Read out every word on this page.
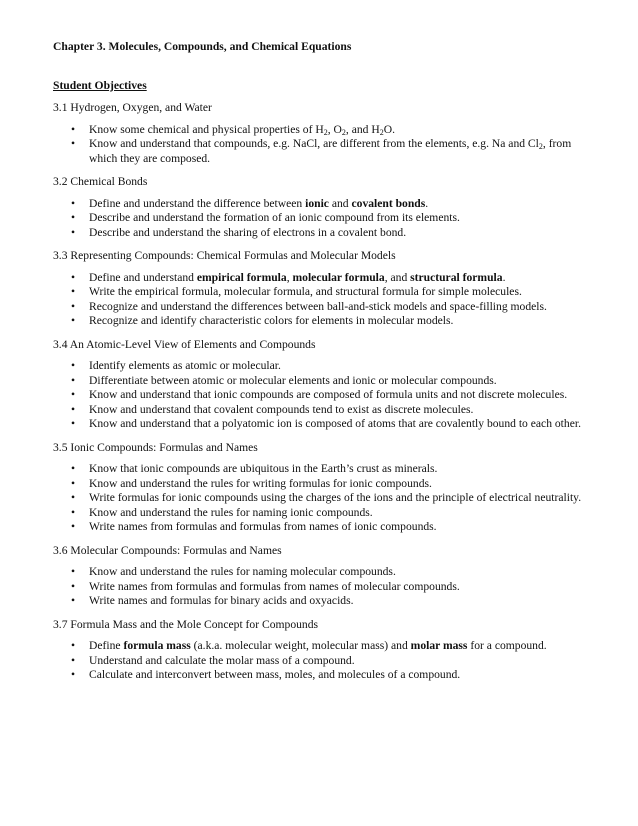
Chapter 3. Molecules, Compounds, and Chemical Equations
Student Objectives
3.1 Hydrogen, Oxygen, and Water
• Know some chemical and physical properties of $H_2$, $O_2$, and $H_2O$.
• Know and understand that compounds, e.g. NaCl, are different from the elements, e.g. Na and $Cl_2$, from which they are composed.
3.2 Chemical Bonds
• Define and understand the difference between ionic and covalent bonds.
• Describe and understand the formation of an ionic compound from its elements.
• Describe and understand the sharing of electrons in a covalent bond.
3.3 Representing Compounds: Chemical Formulas and Molecular Models
• Define and understand empirical formula, molecular formula, and structural formula.
• Write the empirical formula, molecular formula, and structural formula for simple molecules.
• Recognize and understand the differences between ball-and-stick models and space-filling models.
• Recognize and identify characteristic colors for elements in molecular models.
3.4 An Atomic-Level View of Elements and Compounds
• Identify elements as atomic or molecular.
• Differentiate between atomic or molecular elements and ionic or molecular compounds.
• Know and understand that ionic compounds are composed of formula units and not discrete molecules.
• Know and understand that covalent compounds tend to exist as discrete molecules.
• Know and understand that a polyatomic ion is composed of atoms that are covalently bound to each other.
3.5 Ionic Compounds: Formulas and Names
• Know that ionic compounds are ubiquitous in the Earth’s crust as minerals.
• Know and understand the rules for writing formulas for ionic compounds.
• Write formulas for ionic compounds using the charges of the ions and the principle of electrical neutrality.
• Know and understand the rules for naming ionic compounds.
• Write names from formulas and formulas from names of ionic compounds.
3.6 Molecular Compounds: Formulas and Names
• Know and understand the rules for naming molecular compounds.
• Write names from formulas and formulas from names of molecular compounds.
• Write names and formulas for binary acids and oxyacids.
3.7 Formula Mass and the Mole Concept for Compounds
• Define formula mass (a.k.a. molecular weight, molecular mass) and molar mass for a compound.
• Understand and calculate the molar mass of a compound.
• Calculate and interconvert between mass, moles, and molecules of a compound.
